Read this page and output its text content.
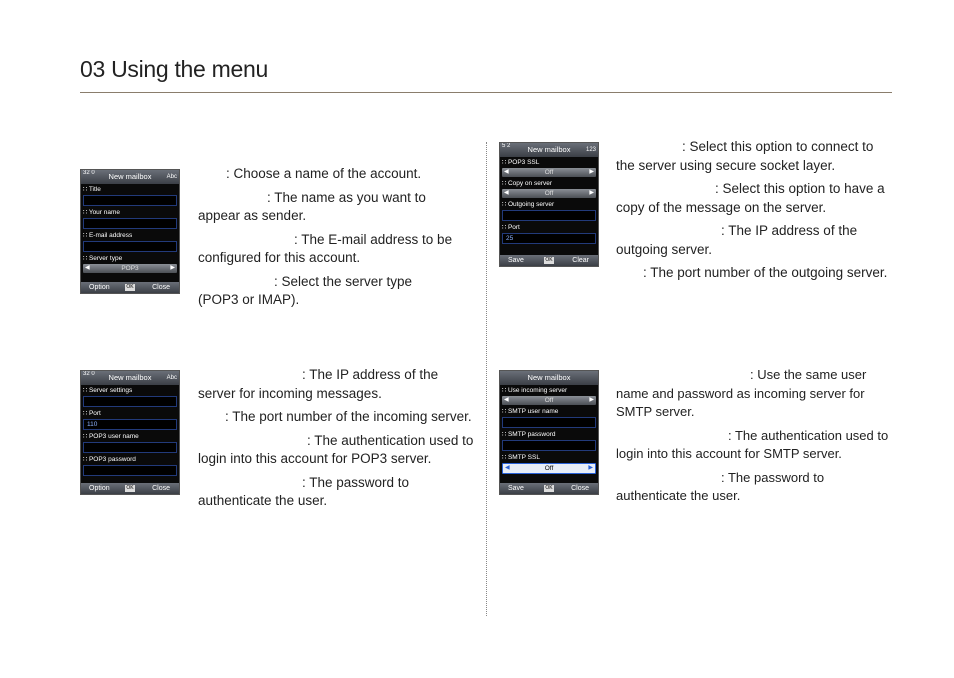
03 Using the menu
32 0 New mailbox	Abc
∷ Title
∷ Your name
∷ E-mail address
∷ Server type
◀	POP3	▶
Option	OK	Close
5 2 New mailbox	123
∷ POP3 SSL
◀	Off	▶
∷ Copy on server
◀	Off	▶
∷ Outgoing server
∷ Port
25
Save	OK	Clear
32 0 New mailbox	Abc
∷ Server settings
∷ Port
110
∷ POP3 user name
∷ POP3 password
Option	OK	Close
New mailbox
∷ Use incoming server
◀	Off	▶
∷ SMTP user name
∷ SMTP password
∷ SMTP SSL
◀	Off	▶
Save	OK	Close

: Choose a name of the account.

: The name as you want to
appear as sender.

: The E-mail address to be
configured for this account.

: Select the server type
(POP3 or IMAP).

: Select this option to connect to
the server using secure socket layer.

: Select this option to have a
copy of the message on the server.

: The IP address of the
outgoing server.

: The port number of the outgoing server.

: The IP address of the
server for incoming messages.

: The port number of the incoming server.

: The authentication used to
login into this account for POP3 server.

: The password to
authenticate the user.

: Use the same user
name and password as incoming server for
SMTP server.

: The authentication used to
login into this account for SMTP server.

: The password to
authenticate the user.
